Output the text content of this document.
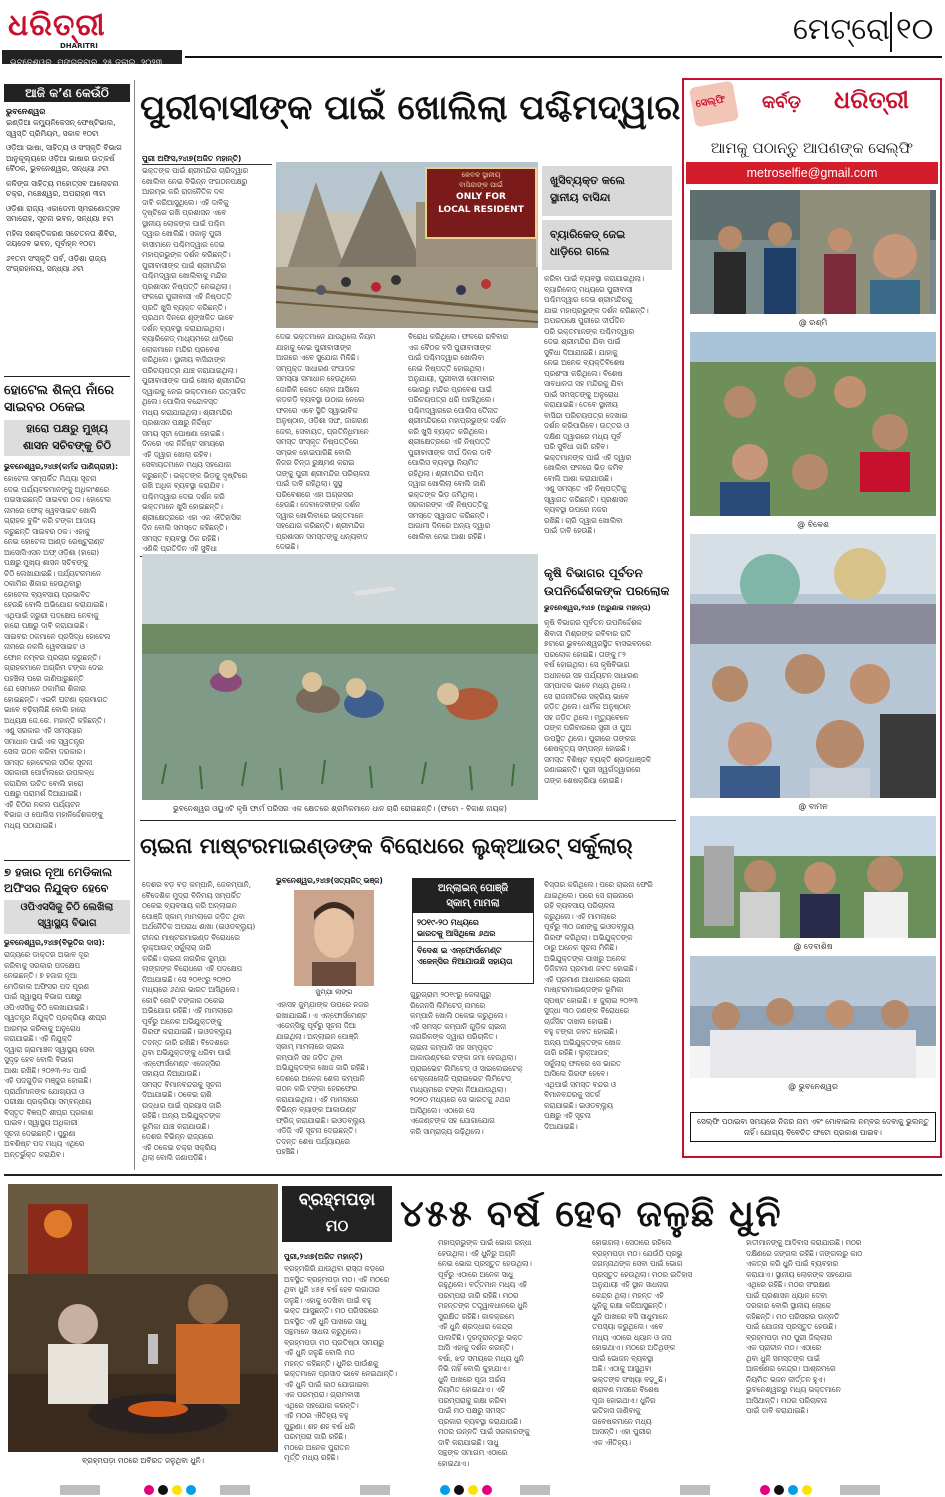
ଧରିତ୍ରୀ
DHARITRI
ଭୁବନେଶ୍ୱର, ମଙ୍ଗଳବାର, ୨୫ ଜୁଲାଇ, ୨୦୨୩
ମେଟ୍ରୋ ୧୦
ଆଜି କ’ଣ କେଉଁଠି
ଭୁବନେଶ୍ୱର

ଇଣ୍ଡିଆ କମ୍ୟୁନିକେସନ୍ ଫେଷ୍ଟିଭାଲ, ସ୍ୱସ୍ତି ପ୍ରିମିୟମ, ସକାଳ ୧୦ଟା

ଓଡ଼ିଆ ଭାଷା, ସାହିତ୍ୟ ଓ ସଂସ୍କୃତି ବିଭାଗ ଆନୁକୂଲ୍ୟରେ ଓଡ଼ିଆ ଭାଷାର ଉତ୍କର୍ଷ ବୈଠକ, ଭୁବନେଶ୍ୱର, ସନ୍ଧ୍ୟା ୬ଟା

କଳିଙ୍ଗ ସାହିତ୍ୟ ମହୋତ୍ସବ ଆଲୋଚନା ଚକ୍ର, ମଞ୍ଚେଶ୍ୱର, ଅପରାହ୍ଣ ୩ଟା

ଓଡ଼ିଶା ରାଜ୍ୟ ଏକାଡେମୀ ସ୍ମରଣୋତ୍ସବ ସମାରୋହ, ସୂଚନା ଭବନ, ସନ୍ଧ୍ୟା ୫ଟା

ମହିଳା ସଶକ୍ତିକରଣ ସଚେତନତା ଶିବିର, ଜୟଦେବ ଭବନ, ପୂର୍ବାହ୍ନ ୧୦ଟା

୬୧ତମ ସଂସ୍କୃତି ପର୍ବ, ଓଡ଼ିଶା ରାଜ୍ୟ ସଂଗ୍ରହାଳୟ, ସନ୍ଧ୍ୟା ୬ଟା

ହୋଟେଲ ଶିଳ୍ପ ନାଁରେ
ସାଇବର ଠକେଇ
ହାରୋ ପକ୍ଷରୁ ମୁଖ୍ୟ
ଶାସନ ସଚିବଙ୍କୁ ଚିଠି
ଭୁବନେଶ୍ୱର,୨୪ା୭(କର୍ମଚ୍ଚ ପାଣିଗ୍ରାହୀ):

ହୋଟେଲ ସମ୍ପର୍କିତ ମିଥ୍ୟା ସୂଚନା

ଦେଇ ପର୍ଯ୍ୟଟକମାନଙ୍କୁ ଅଧିକାଂଶରେ

ପଇସାଇଛନ୍ତି ସାଇବର ଠକ। ହୋଟେଲ

ନାମରେ ଫେକ୍ ୱେବସାଇଟ ଖୋଲି

ଗ୍ରାହକ ବୁକିଂ କରି ଟଙ୍କା ଆଦାୟ

କରୁଛନ୍ତି ସାଇବର ଠକ। ଏହାକୁ

ନେଇ ହୋଟେଲ ଆଣ୍ଡ ରେଷ୍ଟୁରାଣ୍ଟ

ଆସୋସିଏସନ ଅଫ୍ ଓଡ଼ିଶା (ହାରୋ)

ପକ୍ଷରୁ ମୁଖ୍ୟ ଶାସନ ସଚିବଙ୍କୁ

ଚିଠି ଲେଖାଯାଇଛି। ପର୍ଯ୍ୟଟକମାନେ

ଠକାମିର ଶିକାର ହେଉଥିବାରୁ

ହୋଟେଲ ବ୍ୟବସାୟ ପ୍ରଭାବିତ

ହେଉଛି ବୋଲି ଅଭିଯୋଗ କରାଯାଇଛି।

ଏଥିପାଇଁ ଜରୁରୀ ପଦକ୍ଷେପ ନେବାକୁ

ହାରୋ ପକ୍ଷରୁ ଦାବି କରାଯାଇଛି।

ସାଇବର ଠକମାନେ ପ୍ରସିଦ୍ଧ ହୋଟେଲ

ନାମରେ ନକଲି ୱେବସାଇଟ ଓ

ଫୋନ ନମ୍ବର ପ୍ରଚାର କରୁଛନ୍ତି।

ଗ୍ରାହକମାନେ ଅଗ୍ରିମ ଟଙ୍କା ଦେଇ

ପହଞ୍ଚିଲା ପରେ ଜାଣିପାରୁଛନ୍ତି

ଯେ ସେମାନେ ଠକାମିର ଶିକାର

ହୋଇଛନ୍ତି। ଏଭଳି ଘଟଣା କ୍ରମାଗତ

ଭାବେ ବଢ଼ିଚାଲିଛି ବୋଲି ହାରୋ

ଅଧ୍ୟକ୍ଷ ଜେ.କେ. ମହାନ୍ତି କହିଛନ୍ତି।

ଏଣୁ ସରକାର ଏହି ସମସ୍ୟାର

ସମାଧାନ ପାଇଁ ଏକ ସ୍ୱତନ୍ତ୍ର

ସେଲ ଗଠନ କରିବା ଦରକାର।

ସମସ୍ତ ହୋଟେଲର ସଠିକ ସୂଚନା

ସରକାରୀ ପୋର୍ଟାଲରେ ଉପଲବ୍ଧ

କରାଯିବା ଉଚିତ ବୋଲି ହାରୋ

ପକ୍ଷରୁ ପରାମର୍ଶ ଦିଆଯାଇଛି।

ଏହି ଚିଠିର ନକଲ ପର୍ଯ୍ୟଟନ

ବିଭାଗ ଓ ପୋଲିସ ମହାନିର୍ଦ୍ଦେଶକଙ୍କୁ

ମଧ୍ୟ ପଠାଯାଇଛି।

୭ ହଜାର ନୂଆ ମେଡିକାଲ
ଅଫିସର ନିଯୁକ୍ତ ହେବେ
ଓପିଏସସିକୁ ଚିଠି ଲେଖିଲା
ସ୍ୱାସ୍ଥ୍ୟ ବିଭାଗ
ଭୁବନେଶ୍ୱର,୨୪ା୭(ବିଭୂତିର ଦାସ):

ରାଜ୍ୟରେ ଡାକ୍ତର ଅଭାବ ଦୂର

କରିବାକୁ ସରକାର ପଦକ୍ଷେପ

ନେଇଛନ୍ତି। ୭ ହଜାର ନୂଆ

ମେଡିକାଲ ଅଫିସର ପଦ ପୂରଣ

ପାଇଁ ସ୍ୱାସ୍ଥ୍ୟ ବିଭାଗ ପକ୍ଷରୁ

ଓପିଏସସିକୁ ଚିଠି ଲେଖାଯାଇଛି।

ସ୍ୱତନ୍ତ୍ର ନିଯୁକ୍ତି ପ୍ରକ୍ରିୟା ଶୀଘ୍ର

ଆରମ୍ଭ କରିବାକୁ ଅନୁରୋଧ

କରାଯାଇଛି। ଏହି ନିଯୁକ୍ତି

ଦ୍ୱାରା ଗ୍ରାମାଞ୍ଚଳ ସ୍ୱାସ୍ଥ୍ୟ ସେବା

ସୁଦୃଢ଼ ହେବ ବୋଲି ବିଭାଗ

ଆଶା ରଖିଛି। ୨୦୨୩-୨୪ ପାଇଁ

ଏହି ପଦଗୁଡ଼ିକ ମଞ୍ଜୁର ହୋଇଛି।

ପ୍ରାର୍ଥୀମାନଙ୍କ ଯୋଗ୍ୟତା ଓ

ପରୀକ୍ଷା ପ୍ରକ୍ରିୟା ସମ୍ବନ୍ଧୀୟ

ବିସ୍ତୃତ ବିଜ୍ଞପ୍ତି ଶୀଘ୍ର ପ୍ରକାଶ

ପାଇବ। ସ୍ୱାସ୍ଥ୍ୟ ଅଧିକାରୀ

ସୂଚନା ଦେଇଛନ୍ତି। ପୁରୁଣା

ଅବଶିଷ୍ଟ ପଦ ମଧ୍ୟ ଏଥିରେ

ଅନ୍ତର୍ଭୁକ୍ତ କରାଯିବ।

ପୁରୀବାସୀଙ୍କ ପାଇଁ ଖୋଲିଲା ପଶ୍ଚିମଦ୍ୱାର
ପୁରୀ ଅଫିସ,୨୪ା୭(ଅଜିତ ମହାନ୍ତି)
କେବଳ ସ୍ଥାନୀୟ
ବାସିନ୍ଦାଙ୍କ ପାଇଁ
ONLY FOR
LOCAL RESIDENT

ଭକ୍ତଙ୍କ ପାଇଁ ଶ୍ରୀମନ୍ଦିର ଚାରିଦ୍ୱାର

ଖୋଲିବା ନେଇ ବିଭିନ୍ନ ସଂଗଠନପକ୍ଷରୁ

ଆରମ୍ଭ କରି ରାଜନୈତିକ ଦଳ

ଦାବି କରିଆସୁଥିଲେ। ଏହି ଦାବିକୁ

ଦୃଷ୍ଟିରେ ରଖି ପ୍ରଶାସନ ଏବେ

ସ୍ଥାନୀୟ ଲୋକଙ୍କ ପାଇଁ ପଶ୍ଚିମ

ଦ୍ୱାର ଖୋଲିଛି। ସକାଳୁ ପୁରୀ

ବାସୀମାନେ ପଶ୍ଚିମଦ୍ୱାର ଦେଇ

ମହାପ୍ରଭୁଙ୍କ ଦର୍ଶନ କରିଛନ୍ତି।

ପୁରୀବାସୀଙ୍କ ପାଇଁ ଶ୍ରୀମନ୍ଦିର

ପଶ୍ଚିମଦ୍ୱାର ଖୋଲିବାକୁ ମନ୍ଦିର

ପ୍ରଶାସନ ନିଷ୍ପତ୍ତି ନେଇଥିଲା।

ଫଳରେ ପୁରୀବାସୀ ଏହି ନିଷ୍ପତ୍ତି

ପ୍ରତି ଖୁସି ବ୍ୟକ୍ତ କରିଛନ୍ତି।

ପ୍ରଥମ ଦିନରେ ଶୃଙ୍ଖଳିତ ଭାବେ

ଦର୍ଶନ ବ୍ୟବସ୍ଥା କରାଯାଇଥିଲା।

ବ୍ୟାରିକେଡ୍ ମାଧ୍ୟମରେ ଧାଡ଼ିରେ

ଲୋକମାନେ ମନ୍ଦିର ପ୍ରବେଶ

କରିଥିଲେ। ସ୍ଥାନୀୟ ବାସିନ୍ଦାଙ୍କ

ପରିଚୟପତ୍ର ଯାଞ୍ଚ କରାଯାଇଥିଲା।

ପୁରୀବାସୀଙ୍କ ପାଇଁ ଖୋଲା ଶ୍ରୀମନ୍ଦିର

ଦ୍ୱାରକୁ ନେଇ ଭକ୍ତମାନେ ଉତ୍ସାହିତ

ଥିଲେ। ପୋଲିସ ବନ୍ଦୋବସ୍ତ

ମଧ୍ୟ କରାଯାଇଥିଲା। ଶ୍ରୀମନ୍ଦିର

ପ୍ରଶାସନ ପକ୍ଷରୁ ନିର୍ଦ୍ଦିଷ୍ଟ

ସମୟ ସୂଚୀ ଘୋଷଣା ହୋଇଛି।

ଦିନରେ ଏକ ନିର୍ଦ୍ଦିଷ୍ଟ ସମୟରେ

ଏହି ଦ୍ୱାର ଖୋଲା ରହିବ।

ସେବାୟତମାନେ ମଧ୍ୟ ସହଯୋଗ

କରୁଛନ୍ତି। ଭକ୍ତଙ୍କ ଭିଡ଼କୁ ଦୃଷ୍ଟିରେ

ରଖି ଅଧିକ ବ୍ୟବସ୍ଥା କରାଯିବ।

ପଶ୍ଚିମଦ୍ୱାର ଦେଇ ଦର୍ଶନ କରି

ଭକ୍ତମାନେ ଖୁସି ହୋଇଛନ୍ତି।

ଶ୍ରୀକ୍ଷେତ୍ରରେ ଏହା ଏକ ଐତିହାସିକ

ଦିନ ବୋଲି ସମସ୍ତେ କହିଛନ୍ତି।

ସମସ୍ତ ବ୍ୟବସ୍ଥା ଠିକ ରହିଛି।

ଏଣିକି ପ୍ରତିଦିନ ଏହି ସୁବିଧା

ଦେଇ ଭକ୍ତମାନେ ଯାଉଥିଲେ ନିୟମ

ଯାହାକୁ ନେଇ ପୁରୀବାସୀଙ୍କ

ଆଗରେ ଏବେ ସୁଯୋଗ ମିଳିଛି।

ସମ୍ପୃକ୍ତ ସାଧାରଣ ସଂପାଦକ

ସମସ୍ୟା ସମାଧାନ ହେଉଥିଲେ

ଜୋରିକି କେତେ ଲୋକ ଆସିଲେ

କଡ଼କଡ଼ି ବ୍ୟବସ୍ଥା ଉଠାଇ ନେଲେ

ଫଳରେ ଏବେ ସ୍ଥିତି ସ୍ୱାଭାବିକ

ଅନୁଷ୍ଠାନ, ଓଡ଼ିଶା ସଙ୍ଘ, ଜାଗରଣ

ଜେଲ, ସେବାୟତ, ପ୍ରତିନିଧିମାନେ

ସମସ୍ତ ସଂସ୍କୃତ ନିଷ୍ପତ୍ତିରେ

ସମ୍ଭବ ହୋଇପାରିଛି ବୋଲି

ନିଜର ଚିନ୍ତା ରୁକ୍ଷ୍ମଣ କରାଇ

ତାଙ୍କୁ ପୁରୀ ଶ୍ରୀମନ୍ଦିର ପରିଚାଳନା

ପାଇଁ ଦାବି ରହିଥିଲା। ସୁସ୍ଥ

ପରିବେଶରେ ଏହା ଅଗ୍ରସର

ହେଉଛି। ଦେବାଦେବୀଙ୍କ ଦର୍ଶନ

ଦ୍ୱାର ଖୋଲିବାରେ ଭକ୍ତମାନେ

ସହଯୋଗ କରିଛନ୍ତି। ଶ୍ରୀମନ୍ଦିର

ପ୍ରଶାସନ ସମସ୍ତଙ୍କୁ ଧନ୍ୟବାଦ

ଦେଇଛି।

ବିରୋଧ କରିଥିଲେ। ଫଳରେ ରବିବାର

ଏକ ବୈଠକ ବସି ପୁରୀବାସୀଙ୍କ

ପାଇଁ ପଶ୍ଚିମଦ୍ୱାର ଖୋଲିବା

ନେଇ ନିଷ୍ପତ୍ତି ହୋଇଥିଲା।

ଅନୁଯାୟୀ, ପୁରୀବାସୀ ସୋମବାର

ଭୋରରୁ ମନ୍ଦିର ପ୍ରବେଶ ପାଇଁ

ପରିଚୟପତ୍ର ଧରି ପହଞ୍ଚିଥିଲେ।

ପଶ୍ଚିମଦ୍ୱାରରେ ପୋଲିସ ତୈନାତ

ଶ୍ରୀମନ୍ଦିରରେ ମହାପ୍ରଭୁଙ୍କ ଦର୍ଶନ

କରି ଖୁସି ବ୍ୟକ୍ତ କରିଥିଲେ।

ଶ୍ରୀକ୍ଷେତ୍ରରେ ଏହି ନିଷ୍ପତ୍ତି

ପୁରୀବାସୀଙ୍କ ଦୀର୍ଘ ଦିନର ଦାବି

ପୋଲିସ ବ୍ୟବସ୍ଥା ନିୟମିତ

ରହିଥିଲା। ଶ୍ରୀମନ୍ଦିର ପଶ୍ଚିମ

ଦ୍ୱାର ଖୋଲିଲା ବୋଲି ଜାଣି

ଭକ୍ତଙ୍କ ଭିଡ଼ ଜମିଥିଲା।

ସରକାରଙ୍କ ଏହି ନିଷ୍ପତ୍ତିକୁ

ସମସ୍ତେ ସ୍ୱାଗତ କରିଛନ୍ତି।

ଆଗାମୀ ଦିନରେ ଅନ୍ୟ ଦ୍ୱାର

ଖୋଲିବା ନେଇ ଆଶା ରହିଛି।

ଖୁସିବ୍ୟକ୍ତ କଲେ
ସ୍ଥାନୀୟ ବାସିନ୍ଦା
ବ୍ୟାରିକେଡ୍ ଜେଇ
ଧାଡ଼ିରେ ଗଲେ

କରିବା ପାଇଁ ବ୍ୟବସ୍ଥା କରାଯାଇଥିଲା।

ବ୍ୟାରିକେଡ୍ ମଧ୍ୟରେ ପୁରୀବାସୀ

ପଶ୍ଚିମଦ୍ୱାର ଦେଇ ଶ୍ରୀମନ୍ଦିରକୁ

ଯାଇ ମହାପ୍ରଭୁଙ୍କ ଦର୍ଶନ କରିଛନ୍ତି।

ଅପରପକ୍ଷେ ପୁରୀରେ ଦୀର୍ଘଦିନ

ପରି ଭକ୍ତମାନଙ୍କ ପଶ୍ଚିମଦ୍ୱାର

ଦେଇ ଶ୍ରୀମନ୍ଦିର ଯିବା ପାଇଁ

ସୁବିଧା ଦିଆଯାଇଛି। ଯାହାକୁ

ନେଇ ଅନେକ ବ୍ୟକ୍ତିବିଶେଷ

ପ୍ରଶଂସା କରିଥିଲେ। ବିଶେଷ

ସାବଧାନତା ସହ ମନ୍ଦିରକୁ ଯିବା

ପାଇଁ ସମସ୍ତଙ୍କୁ ଅନୁରୋଧ

କରାଯାଇଛି। ତେବେ ସ୍ଥାନୀୟ

ବାସିନ୍ଦା ପରିଚୟପତ୍ର ଦେଖାଇ

ଦର୍ଶନ କରିପାରିବେ। ଉତ୍ତର ଓ

ଦକ୍ଷିଣ ଦ୍ୱାରରେ ମଧ୍ୟ ପୂର୍ବ

ପରି ସୁବିଧା ଜାରି ରହିବ।

ଭକ୍ତମାନଙ୍କ ପାଇଁ ଏହି ଦ୍ୱାର

ଖୋଲିବା ଫଳରେ ଭିଡ଼ କମିବ

ବୋଲି ଆଶା କରାଯାଉଛି।

ଏଣୁ ସମସ୍ତେ ଏହି ନିଷ୍ପତ୍ତିକୁ

ସ୍ୱାଗତ କରିଛନ୍ତି। ପ୍ରଶାସନ

ବ୍ୟବସ୍ଥା ଉପରେ ନଜର

ରଖିଛି। ଚାରି ଦ୍ୱାର ଖୋଲିବା

ପାଇଁ ଦାବି ହେଉଛି।

ଭୁବନେଶ୍ୱର ଓୟୁଏଟି କୃଷି ଫାର୍ମ ପରିସର ଏକ କ୍ଷେତରେ ଶ୍ରମିକମାନେ ଧାନ ଚାରି ରୋଇଛନ୍ତି। (ଫଟୋ - ବିକାଶ ନାୟକ)
କୃଷି ବିଭାଗର ପୂର୍ବତନ
ଉପନିର୍ଦ୍ଦେଶକଙ୍କ ପରଲୋକ
ଭୁବନେଶ୍ୱର,୨୪ା୭ (ଅରୁଣାଭ ମହାନ୍ତା)

କୃଷି ବିଭାଗର ପୂର୍ବତନ ଉପନିର୍ଦ୍ଦେଶକ

ଶିବାଜୀ ମିଶ୍ରଙ୍କ ରବିବାର ରାତି

୭ଟାରେ ଭୁବନେଶ୍ୱରସ୍ଥିତ ବାସଭବନରେ

ପରଲୋକ ହୋଇଛି। ତାଙ୍କୁ ୮୨

ବର୍ଷ ହୋଇଥିଲା। ସେ କୃଷିବିଭାଗ

ଅଧୀନରେ ସହ ପର୍ଯ୍ୟଟନ ସାଧାରଣ

ସମ୍ପାଦକ ଭାବେ ମଧ୍ୟ ଥିଲେ।

ସେ ରାଜନୀତିରେ ସକ୍ରିୟ ଭାବେ

ଜଡ଼ିତ ଥିଲେ। ଧାର୍ମିକ ଅନୁଷ୍ଠାନ

ସହ ଜଡ଼ିତ ଥିଲେ। ମୃତ୍ୟୁବେଳେ

ତାଙ୍କ ପରିବାରରେ ସ୍ତ୍ରୀ ଓ ପୁଅ

ଉପସ୍ଥିତ ଥିଲେ। ପୁରୀରେ ତାଙ୍କର

ଶେଷକୃତ୍ୟ ସମ୍ପନ୍ନ ହୋଇଛି।

ସମସ୍ତ ବିଶିଷ୍ଟ ବ୍ୟକ୍ତି ଶ୍ରଦ୍ଧାଞ୍ଜଳି

ଜଣାଇଛନ୍ତି। ପୁରୀ ସ୍ୱର୍ଗଦ୍ୱାରରେ

ତାଙ୍କ ଶେଷକ୍ରିୟା ହୋଇଛି।

ଚାଇନା ମାଷ୍ଟରମାଇଣ୍ଡଙ୍କ ବିରୋଧରେ ଲୁକ୍ଆଉଟ୍ ସର୍କୁଲାର୍
ଭୁବନେଶ୍ୱର,୨୪ା୭(ସତ୍ୟଜିତ୍ ଭଞ୍ଜ)
ଜୁମ୍‌ଯ଼ା ଲାଙ୍ଗ
ଅନ୍‌ଲାଇନ୍ ପୋଞ୍ଜି
ସ୍କାମ୍ ମାମଲା
୨୦୧୯-୨୦ ମଧ୍ୟରେ
ଭାରତକୁ ଆସିଥିଲେ ୬ଥର
ବିଦେଶ ଇ ଏନ୍‌ଫୋର୍ସମେଣ୍ଟ
ଏଜେନ୍ସିର ନିଆଯାଉଛି ସହାୟତା

ଦେଶର ବଡ଼ ବଡ଼ କମ୍ପାନି, ଜେକମ୍ପାନି,

ବୈଦେଶିକ ମୁଦ୍ରା ବିନିମୟ ସମ୍ପର୍କିତ

ଠକେଇ ବ୍ୟବସାୟ କରି ଅନ୍‌ଲାଇନ

ପୋଞ୍ଜି ସ୍କାମ୍ ମାମଲାରେ ଜଡ଼ିତ ଥିବା

ଅର୍ଥନୈତିକ ଅପରାଧ ଶାଖା (ଇଓଡବ୍ଲ୍ୟୁ)

ଚୀନର ମାଷ୍ଟରମାଇଣ୍ଡ ବିରୋଧରେ

ଲୁକ୍‌ଆଉଟ୍ ସର୍କୁଲାର୍ ଜାରି

କରିଛି। ଚାଇନା ନାଗରିକ ଜୁମ୍‌ଯ଼ା

ଲାଙ୍ଗଙ୍କ ବିରୋଧରେ ଏହି ପଦକ୍ଷେପ

ନିଆଯାଇଛି। ସେ ୨୦୧୯ରୁ ୨୦୨୦

ମଧ୍ୟରେ ୬ଥର ଭାରତ ଆସିଥିଲେ।

କୋଟି କୋଟି ଟଙ୍କାର ଠକେଇ

ଅଭିଯୋଗ ରହିଛି। ଏହି ମାମଲାରେ

ପୂର୍ବରୁ ଅନେକ ଅଭିଯୁକ୍ତଙ୍କୁ

ଗିରଫ କରାଯାଇଛି। ଇଓଡବ୍ଲ୍ୟୁ

ତଦନ୍ତ ଜାରି ରଖିଛି। ବିଦେଶରେ

ଥିବା ଅଭିଯୁକ୍ତଙ୍କୁ ଧରିବା ପାଇଁ

ଏନ୍‌ଫୋର୍ସମେଣ୍ଟ ଏଜେନ୍ସିର

ସହାୟତା ନିଆଯାଉଛି।

ସମସ୍ତ ବିମାନବନ୍ଦରକୁ ସୂଚନା

ଦିଆଯାଇଛି। ଠକେଇ ରାଶି

ଉଦ୍ଧାର ପାଇଁ ପ୍ରୟାସ ଜାରି

ରହିଛି। ଅନ୍ୟ ଅଭିଯୁକ୍ତଙ୍କ

ଭୂମିକା ଯାଞ୍ଚ କରାଯାଉଛି।

ଦେଶର ବିଭିନ୍ନ ରାଜ୍ୟରେ

ଏହି ଠକେଇ ଚକ୍ର ସକ୍ରିୟ

ଥିଲା ବୋଲି ଜଣାପଡ଼ିଛି।

ଏହାସହ ଜୁମ୍‌ଯ଼ାଙ୍କ ଉପରେ ନଜର

ରଖାଯାଇଛି। ଏ ଏନ୍‌ଫୋର୍ସମେଣ୍ଟ

ଏଜେନ୍ସିକୁ ପୂର୍ବରୁ ସୂଚନା ଦିଆ

ଯାଇଥିଲା। ଅନ୍‌ଲାଇନ ପୋଞ୍ଜି

ସ୍କାମ୍ ମାମଲାରେ ଚାଇନା

କମ୍ପାନି ସହ ଜଡ଼ିତ ଥିବା

ଅଭିଯୁକ୍ତଙ୍କ ଖୋଜ ଜାରି ରହିଛି।

ଦେଶରେ ଅନେକ ଶେଲ କମ୍ପାନି

ଗଠନ କରି ଟଙ୍କା ହେରଫେର

କରାଯାଇଥିଲା। ଏହି ମାମଲାରେ

ବିଭିନ୍ନ ବ୍ୟାଙ୍କ ଆକାଉଣ୍ଟ

ଫ୍ରିଜ୍ କରାଯାଇଛି। ଇଓଡବ୍ଲ୍ୟୁ

ଏଡିଜି ଏହି ସୂଚନା ଦେଇଛନ୍ତି।

ତଦନ୍ତ ଶେଷ ପର୍ଯ୍ୟାୟରେ

ପହଞ୍ଚିଛି।

ଗୁରୁଗ୍ରାମ ୨୦୧୯ରୁ କେଳାଗୁରୁ

ରିଜେନସି ଲିମିଟେଡ୍ ନାମରେ

କମ୍ପାନି ଖୋଲି ଠକେଇ କରୁଥିଲେ।

ଏହି ସମସ୍ତ କମ୍ପାନି ଗୁଡ଼ିକ ଚାଇନା

ନାଗରିକଙ୍କ ଦ୍ୱାରା ପରିଚାଳିତ।

ଚାଇନା କମ୍ପାନି ସହ ସମ୍ପୃକ୍ତ

ଆକାଉଣ୍ଟରେ ଟଙ୍କା ଜମା ହେଉଥିଲା।

ପ୍ରାଇଭେଟ ଲିମିଟେଡ୍ ଓ ସାଇଲେଇଟେକ୍

ଟେକ୍ନୋଲୋଜି ପ୍ରାଇଭେଟ ଲିମିଟେଡ୍

ମାଧ୍ୟମରେ ଟଙ୍କା ନିଆଯାଉଥିଲା।

୨୦୨୦ ମଧ୍ୟରେ ସେ ଭାରତକୁ ୬ଥର

ଆସିଥିଲେ। ଏଠାରେ ସେ

ଏଜେଣ୍ଟଙ୍କ ସହ ଯୋଗାଯୋଗ

କରି ସାମ୍ରାଜ୍ୟ ଗଢ଼ିଥିଲେ।

ବିସ୍ତାର କରିଥିଲେ। ପରେ ଚାଇନା ଫେରି

ଯାଇଥିଲେ। ପରେ ସେ ଚାଇନାରେ

ରହି ବ୍ୟବସାୟ ପରିଚାଳନା

କରୁଥିଲେ। ଏହି ମାମଲାରେ

ପୂର୍ବରୁ ୩୦ ଜଣଙ୍କୁ ଇଓଡବ୍ଲ୍ୟୁ

ଗିରଫ କରିଥିଲା। ଅଭିଯୁକ୍ତଙ୍କ

ଠାରୁ ଅନେକ ସୂଚନା ମିଳିଛି।

ଅଭିଯୁକ୍ତଙ୍କ ପାଖରୁ ଅନେକ

ଡିଜିଟାଲ ପ୍ରମାଣ ଜବତ ହୋଇଛି।

ଏହି ପ୍ରମାଣ ଆଧାରରେ ଚାଇନା

ମାଷ୍ଟରମାଇଣ୍ଡଙ୍କ ଭୂମିକା

ସ୍ପଷ୍ଟ ହୋଇଛି। ୫ ଜୁଲାଇ ୨୦୨୩

ସୁଦ୍ଧା ୩୦ ଜଣଙ୍କ ବିରୋଧରେ

ଚାର୍ଜସିଟ ଦାଖଲ ହୋଇଛି।

ବହୁ ଟଙ୍କା ଜବତ ହୋଇଛି।

ଅନ୍ୟ ଅଭିଯୁକ୍ତଙ୍କ ଖୋଜ

ଜାରି ରହିଛି। ଲୁକ୍‌ଆଉଟ୍

ସର୍କୁଲାର୍ ଫଳରେ ସେ ଭାରତ

ଆସିଲେ ଗିରଫ ହେବେ।

ଏଥିପାଇଁ ସମସ୍ତ ବନ୍ଦର ଓ

ବିମାନବନ୍ଦରକୁ ସତର୍କ

କରାଯାଇଛି। ଇଓଡବ୍ଲ୍ୟୁ

ପକ୍ଷରୁ ଏହି ସୂଚନା

ଦିଆଯାଇଛି।

ସେଲ୍ଫି କର୍ବଡ଼ ଧରିତ୍ରୀ
ଆମକୁ ପଠାନ୍ତୁ ଆପଣଙ୍କ ସେଲ୍ଫି
metroselfie@gmail.com
@ ରଶ୍ମି
@ ବିକେଶ
@ ବାମନ
@ ଦେବାଶିଷ
@ ଭୁବନେଶ୍ୱର
ସେଲ୍ଫି ପଠାଇବା ସମୟରେ ନିଜର ନାମ ଏବଂ ମୋବାଇଲ ନମ୍ବର ଦେବାକୁ ଭୁଲନ୍ତୁ ନାହିଁ। ଯୋଗ୍ୟ ବିବେଚିତ ଫଟୋ ପ୍ରକାଶ ପାଇବ।
ବ୍ରହ୍ମପଡ଼ା ମଠରେ ଅବିରତ ଜଳୁଥିବା ଧୁନି।
ବ୍ରହ୍ମପଡ଼ା
ମଠ	୪୫୫ ବର୍ଷ ହେବ ଜଳୁଛି ଧୁନି
ପୁରୀ,୨୪ା୭(ଅଜିତ ମହାନ୍ତି)

ବ୍ରହ୍ମଗିରି ଯାଉଥିବା ରାସ୍ତା କଡ଼ରେ

ଅବସ୍ଥିତ ବ୍ରହ୍ମପଡ଼ା ମଠ। ଏହି ମଠରେ

ଥିବା ଧୁନି ୪୫୫ ବର୍ଷ ହେବ ଲଗାତାର

ଜଳୁଛି। ଏହାକୁ ଦେଖିବା ପାଇଁ ବହୁ

ଭକ୍ତ ଆସୁଛନ୍ତି। ମଠ ପରିସରରେ

ଅବସ୍ଥିତ ଏହି ଧୁନି ପାଖରେ ସାଧୁ

ସନ୍ଥମାନେ ସାଧନା କରୁଥିଲେ।

ବ୍ରହ୍ମପଡ଼ା ମଠ ପ୍ରତିଷ୍ଠା ସମୟରୁ

ଏହି ଧୁନି ଜଳୁଛି ବୋଲି ମଠ

ମହନ୍ତ କହିଛନ୍ତି। ଧୁନିର ପାଉଁଶକୁ

ଭକ୍ତମାନେ ପ୍ରସାଦ ଭାବେ ନେଇଥାନ୍ତି।

ଏହି ଧୁନି ପାଇଁ କାଠ ଯୋଗାଇବା

ଏକ ପରମ୍ପରା। ଗ୍ରାମବାସୀ

ଏଥିରେ ସହଯୋଗ କରନ୍ତି।

ଏହି ମଠର ଐତିହ୍ୟ ବହୁ

ପୁରୁଣା। ଶହ ଶହ ବର୍ଷ ଧରି

ପରମ୍ପରା ଜାରି ରହିଛି।

ମଠରେ ଅନେକ ପୁରାତନ

ମୂର୍ତ୍ତି ମଧ୍ୟ ରହିଛି।

ମହାପ୍ରଭୁଙ୍କ ପାଇଁ ଭୋଗ ରନ୍ଧା

ହେଉଥିଲା। ଏହି ଧୁନିରୁ ଅଗ୍ନି

ନେଇ ଭୋଗ ପ୍ରସ୍ତୁତ ହେଉଥିଲା।

ପୂର୍ବରୁ ଏଠାରେ ଅନେକ ସାଧୁ

ରହୁଥିଲେ। ବର୍ତ୍ତମାନ ମଧ୍ୟ ଏହି

ପରମ୍ପରା ଜାରି ରହିଛି। ମଠର

ମହନ୍ତଙ୍କ ତତ୍ତ୍ୱାବଧାନରେ ଧୁନି

ସୁରକ୍ଷିତ ରହିଛି। କାଳକ୍ରମେ

ଏହି ଧୁନି ଶ୍ରଦ୍ଧାର କେନ୍ଦ୍ର

ପାଲଟିଛି। ଦୂରଦୂରାନ୍ତରୁ ଭକ୍ତ

ଆସି ଏହାକୁ ଦର୍ଶନ କରନ୍ତି।

ବର୍ଷା, ଝଡ଼ ସମୟରେ ମଧ୍ୟ ଧୁନି

ନିଭି ନାହିଁ ବୋଲି କୁହାଯାଏ।

ଧୁନି ପାଖରେ ପୂଜା ଅର୍ଚ୍ଚନା

ନିୟମିତ ହୋଇଥାଏ। ଏହି

ପରମ୍ପରାକୁ ରକ୍ଷା କରିବା

ପାଇଁ ମଠ ପକ୍ଷରୁ ସମସ୍ତ

ପ୍ରକାର ବ୍ୟବସ୍ଥା କରାଯାଉଛି।

ମଠର ଉନ୍ନତି ପାଇଁ ସରକାରଙ୍କୁ

ଦାବି କରାଯାଇଛି। ସାଧୁ

ସନ୍ଥଙ୍କ ସମାଗମ ଏଠାରେ

ହୋଇଥାଏ।

ହୋଇଗଲା। ସେଠାରେ ରହିଲେ

ବ୍ରହ୍ମପଡ଼ା ମଠ। ଯେଉଁଠି ପ୍ରଭୁ

ଜଗନ୍ନାଥଙ୍କ ସେବା ପାଇଁ ଭୋଗ

ପ୍ରସ୍ତୁତ ହେଉଥିଲା। ମଠର ଇତିହାସ

ଅନୁଯାୟୀ ଏହି ସ୍ଥାନ ସାଧନାର

କେନ୍ଦ୍ର ଥିଲା। ମହନ୍ତ ଏହି

ଧୁନିକୁ ରକ୍ଷା କରିଆସୁଛନ୍ତି।

ଧୁନି ପାଖରେ ବସି ସାଧୁମାନେ

ତପସ୍ୟା କରୁଥିଲେ। ଏବେ

ମଧ୍ୟ ଏଠାରେ ଧ୍ୟାନ ଓ ଜପ

ହୋଇଥାଏ। ମଠରେ ଅତିଥିଙ୍କ

ପାଇଁ ଭୋଜନ ବ୍ୟବସ୍ଥା

ଅଛି। ଏଠାକୁ ଆସୁଥିବା

ଭକ୍ତଙ୍କ ସଂଖ୍ୟା ବଢ଼ୁଛି।

ଶ୍ରାବଣ ମାସରେ ବିଶେଷ

ପୂଜା ହୋଇଥାଏ। ଧୁନିର

ଇତିହାସ ଜାଣିବାକୁ

ଗବେଷକମାନେ ମଧ୍ୟ

ଆସନ୍ତି। ଏହା ପୁରୀର

ଏକ ଐତିହ୍ୟ।

ହାତୀମାନଙ୍କୁ ଆଦିବାସ କରାଯାଉଛି। ମଠର

ଦକ୍ଷିଣରେ ଜଙ୍ଗଲ ରହିଛି। ଜଙ୍ଗଲରୁ କାଠ

ଏକତ୍ର କରି ଧୁନି ପାଇଁ ବ୍ୟବହାର

କରାଯାଏ। ସ୍ଥାନୀୟ ଲୋକଙ୍କ ସହଯୋଗ

ଏଥିରେ ରହିଛି। ମଠର ସଂରକ୍ଷଣ

ପାଇଁ ପ୍ରଶାସନ ଧ୍ୟାନ ଦେବା

ଦରକାର ବୋଲି ସ୍ଥାନୀୟ ଲୋକେ

କହିଛନ୍ତି। ମଠ ପରିସରର ଉନ୍ନତି

ପାଇଁ ଯୋଜନା ପ୍ରସ୍ତୁତ ହେଉଛି।

ବ୍ରହ୍ମପଡ଼ା ମଠ ପୁରୀ ଜିଲ୍ଲାର

ଏକ ପ୍ରାଚୀନ ମଠ। ଏଠାରେ

ଥିବା ଧୁନି ସମସ୍ତଙ୍କ ପାଇଁ

ଆକର୍ଷଣର କେନ୍ଦ୍ର। ଆଶ୍ରମରେ

ନିୟମିତ ଭଜନ କୀର୍ତ୍ତନ ହୁଏ।

ଭୁବନେଶ୍ୱରରୁ ମଧ୍ୟ ଭକ୍ତମାନେ

ଆସିଥାନ୍ତି। ମଠର ପରିଚାଳନା

ପାଇଁ ଦାବି କରାଯାଇଛି।
